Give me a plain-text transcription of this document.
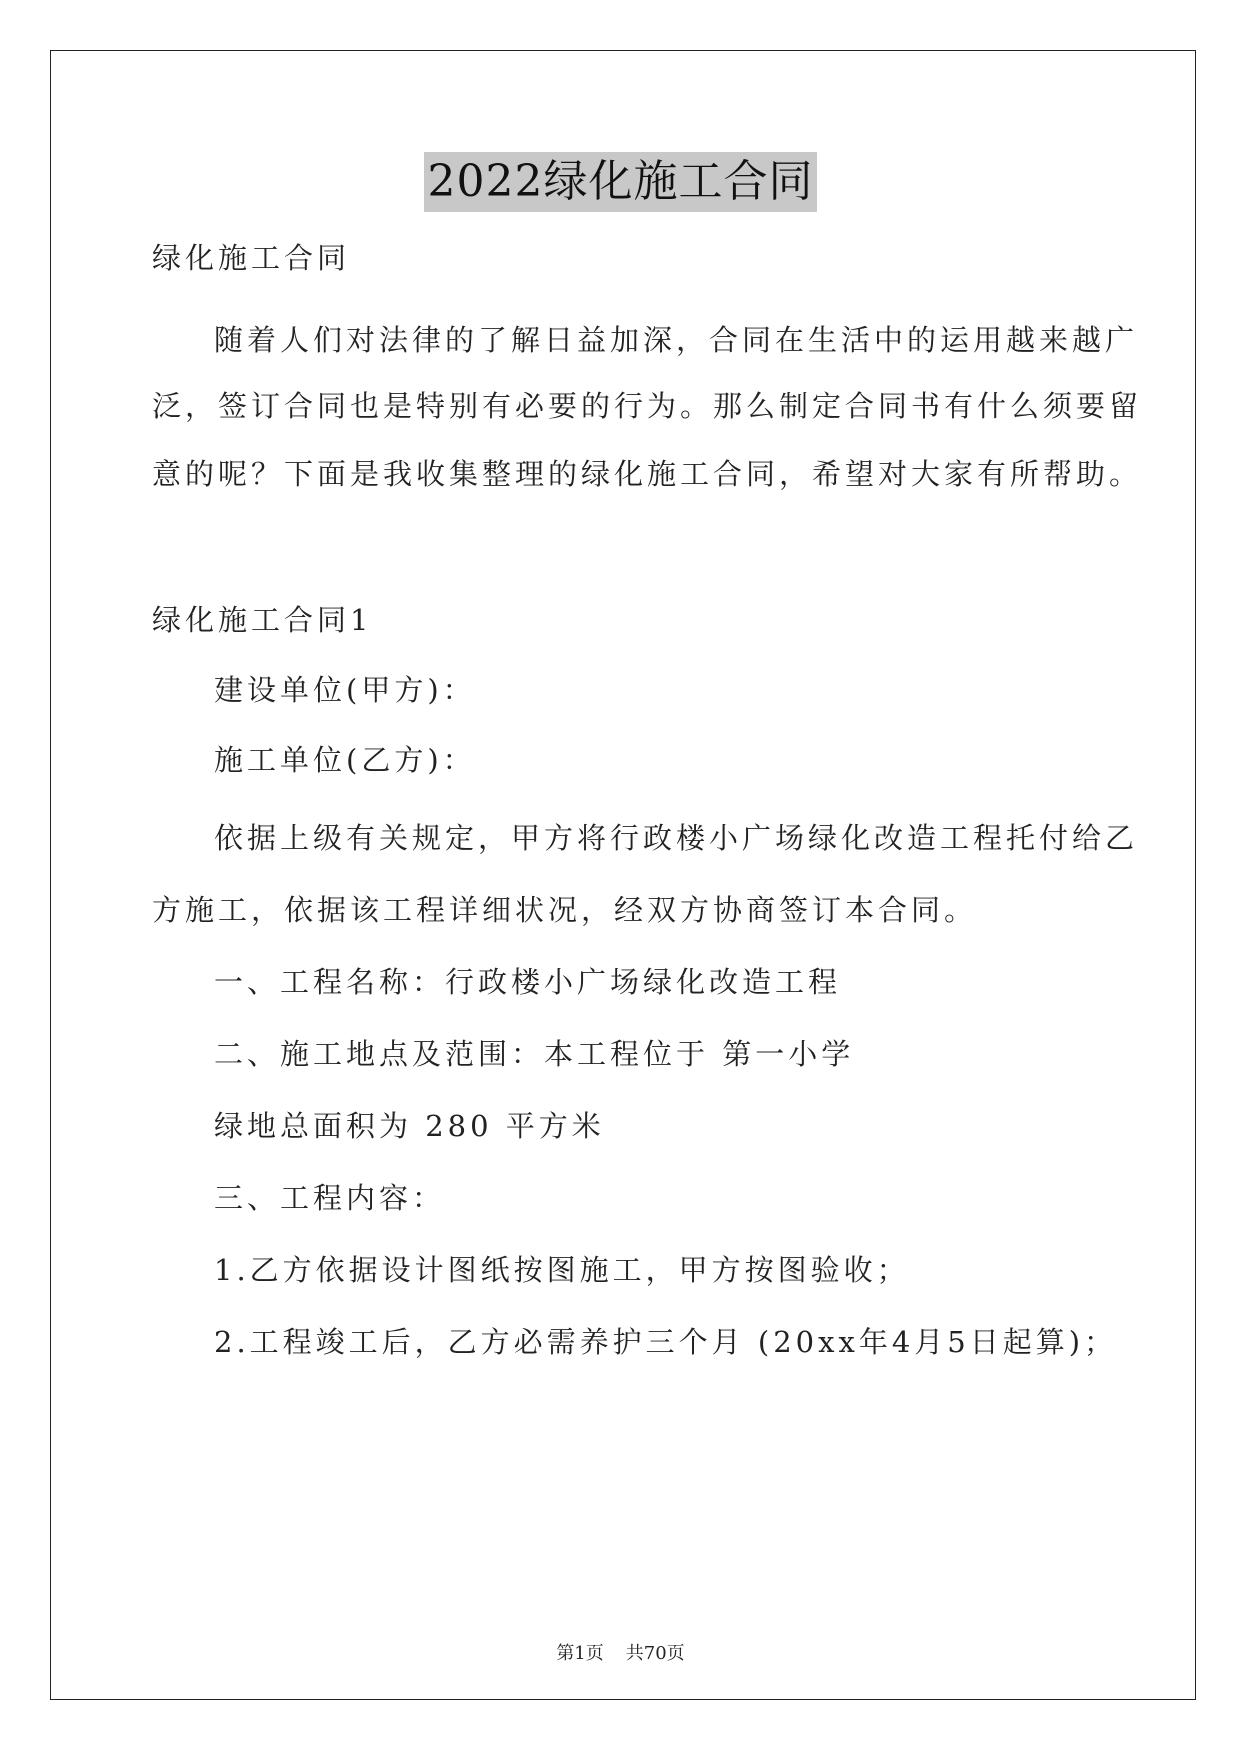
2022绿化施工合同
绿化施工合同
随着人们对法律的了解日益加深，合同在生活中的运用越来越广
泛，签订合同也是特别有必要的行为。那么制定合同书有什么须要留
意的呢？下面是我收集整理的绿化施工合同，希望对大家有所帮助。
绿化施工合同1
建设单位(甲方)：
施工单位(乙方)：
依据上级有关规定，甲方将行政楼小广场绿化改造工程托付给乙
方施工，依据该工程详细状况，经双方协商签订本合同。
一、工程名称：行政楼小广场绿化改造工程
二、施工地点及范围：本工程位于 第一小学
绿地总面积为 280 平方米
三、工程内容：
1.乙方依据设计图纸按图施工，甲方按图验收；
2.工程竣工后，乙方必需养护三个月 (20xx年4月5日起算)；
第1页 共70页
